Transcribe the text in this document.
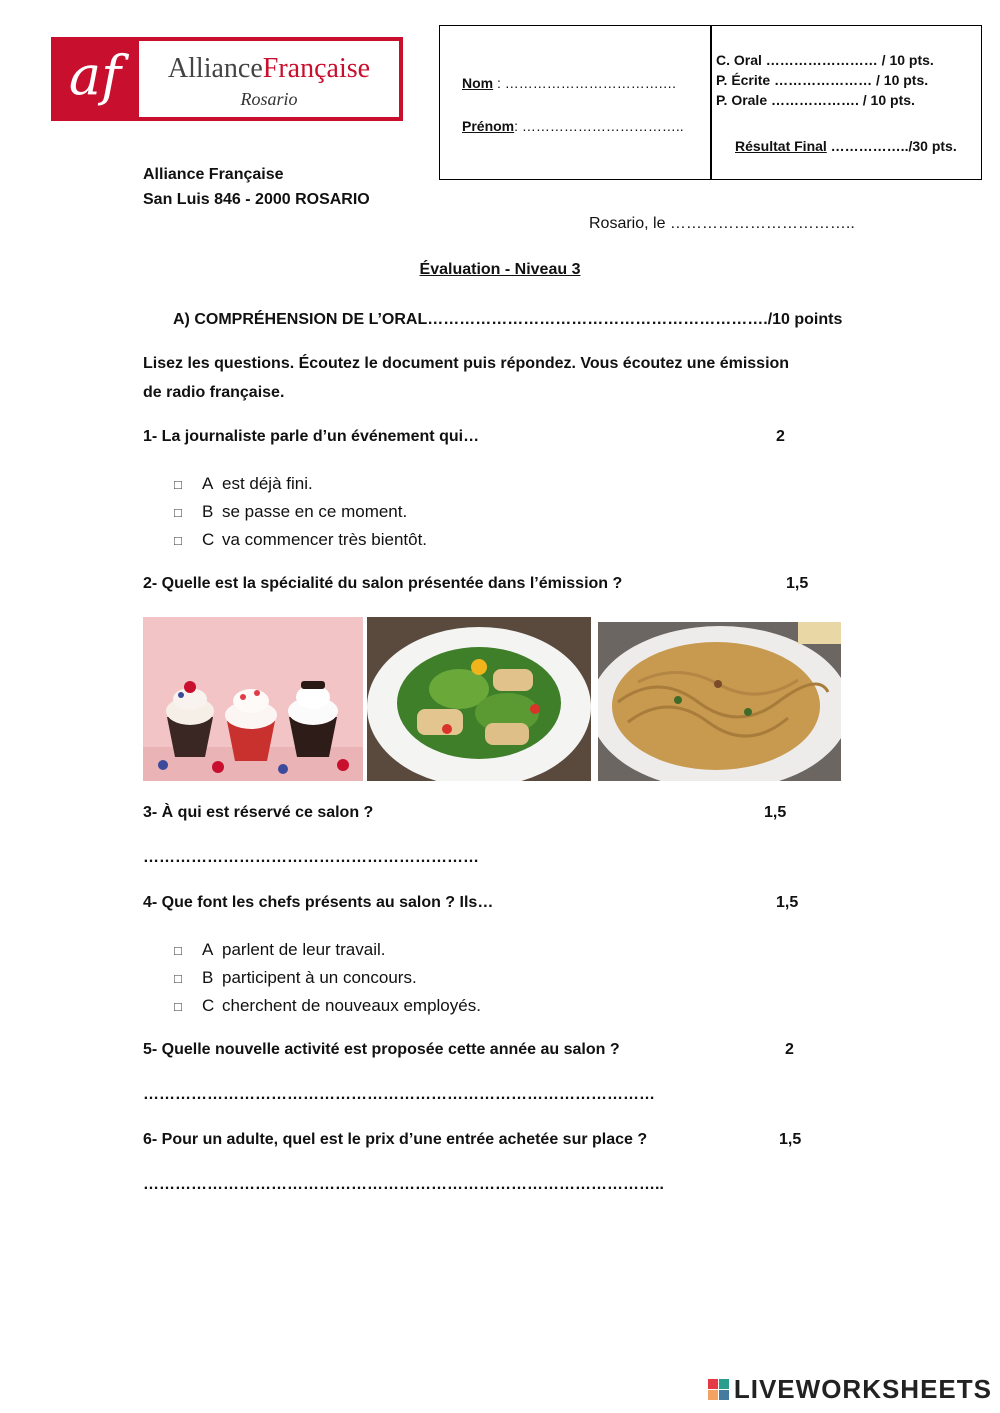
af	AllianceFrançaise
Rosario
Nom : …………………………….…
Prénom: ……………………………..
C. Oral …………………… / 10 pts.
P. Écrite ………………… / 10 pts.
P. Orale ………………. / 10 pts.
Résultat Final ……………../30 pts.
Alliance Française
San Luis 846 - 2000 ROSARIO
Rosario, le ……………………………..
Évaluation - Niveau 3
A) COMPRÉHENSION DE L’ORAL………………………………………………………./10 points
Lisez les questions. Écoutez le document puis répondez. Vous écoutez une émission
de radio française.
1- La journaliste parle d’un événement qui…	2
□ A est déjà fini.
□ B se passe en ce moment.
□ C va commencer très bientôt.
2- Quelle est la spécialité du salon présentée dans l’émission ?	1,5
3- À qui est réservé ce salon ?	1,5
………………………………………………………
4- Que font les chefs présents au salon ? Ils…	1,5
□ A parlent de leur travail.
□ B participent à un concours.
□ C cherchent de nouveaux employés.
5- Quelle nouvelle activité est proposée cette année au salon ?	2
……………………………………………………………………………………
6- Pour un adulte, quel est le prix d’une entrée achetée sur place ?	1,5
……………………………………………………………………………………..
LIVEWORKSHEETS
